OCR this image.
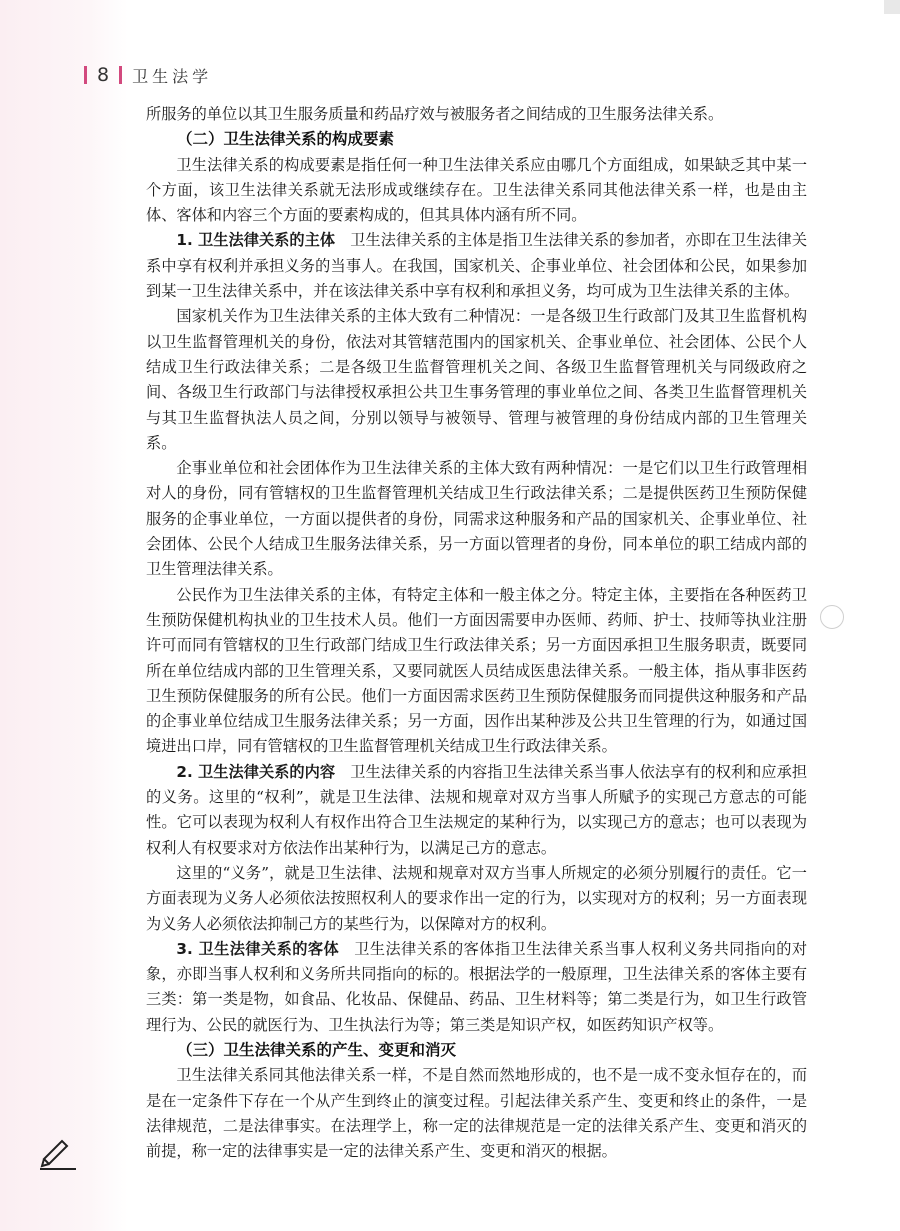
8 卫生法学

所服务的单位以其卫生服务质量和药品疗效与被服务者之间结成的卫生服务法律关系。

（二）卫生法律关系的构成要素

卫生法律关系的构成要素是指任何一种卫生法律关系应由哪几个方面组成，如果缺乏其中某一个方面，该卫生法律关系就无法形成或继续存在。卫生法律关系同其他法律关系一样，也是由主体、客体和内容三个方面的要素构成的，但其具体内涵有所不同。

1. 卫生法律关系的主体 卫生法律关系的主体是指卫生法律关系的参加者，亦即在卫生法律关系中享有权利并承担义务的当事人。在我国，国家机关、企事业单位、社会团体和公民，如果参加到某一卫生法律关系中，并在该法律关系中享有权利和承担义务，均可成为卫生法律关系的主体。

国家机关作为卫生法律关系的主体大致有二种情况：一是各级卫生行政部门及其卫生监督机构以卫生监督管理机关的身份，依法对其管辖范围内的国家机关、企事业单位、社会团体、公民个人结成卫生行政法律关系；二是各级卫生监督管理机关之间、各级卫生监督管理机关与同级政府之间、各级卫生行政部门与法律授权承担公共卫生事务管理的事业单位之间、各类卫生监督管理机关与其卫生监督执法人员之间，分别以领导与被领导、管理与被管理的身份结成内部的卫生管理关系。

企事业单位和社会团体作为卫生法律关系的主体大致有两种情况：一是它们以卫生行政管理相对人的身份，同有管辖权的卫生监督管理机关结成卫生行政法律关系；二是提供医药卫生预防保健服务的企事业单位，一方面以提供者的身份，同需求这种服务和产品的国家机关、企事业单位、社会团体、公民个人结成卫生服务法律关系，另一方面以管理者的身份，同本单位的职工结成内部的卫生管理法律关系。

公民作为卫生法律关系的主体，有特定主体和一般主体之分。特定主体，主要指在各种医药卫生预防保健机构执业的卫生技术人员。他们一方面因需要申办医师、药师、护士、技师等执业注册许可而同有管辖权的卫生行政部门结成卫生行政法律关系；另一方面因承担卫生服务职责，既要同所在单位结成内部的卫生管理关系，又要同就医人员结成医患法律关系。一般主体，指从事非医药卫生预防保健服务的所有公民。他们一方面因需求医药卫生预防保健服务而同提供这种服务和产品的企事业单位结成卫生服务法律关系；另一方面，因作出某种涉及公共卫生管理的行为，如通过国境进出口岸，同有管辖权的卫生监督管理机关结成卫生行政法律关系。

2. 卫生法律关系的内容 卫生法律关系的内容指卫生法律关系当事人依法享有的权利和应承担的义务。这里的“权利”，就是卫生法律、法规和规章对双方当事人所赋予的实现己方意志的可能性。它可以表现为权利人有权作出符合卫生法规定的某种行为，以实现己方的意志；也可以表现为权利人有权要求对方依法作出某种行为，以满足己方的意志。

这里的“义务”，就是卫生法律、法规和规章对双方当事人所规定的必须分别履行的责任。它一方面表现为义务人必须依法按照权利人的要求作出一定的行为，以实现对方的权利；另一方面表现为义务人必须依法抑制己方的某些行为，以保障对方的权利。

3. 卫生法律关系的客体 卫生法律关系的客体指卫生法律关系当事人权利义务共同指向的对象，亦即当事人权利和义务所共同指向的标的。根据法学的一般原理，卫生法律关系的客体主要有三类：第一类是物，如食品、化妆品、保健品、药品、卫生材料等；第二类是行为，如卫生行政管理行为、公民的就医行为、卫生执法行为等；第三类是知识产权，如医药知识产权等。

（三）卫生法律关系的产生、变更和消灭

卫生法律关系同其他法律关系一样，不是自然而然地形成的，也不是一成不变永恒存在的，而是在一定条件下存在一个从产生到终止的演变过程。引起法律关系产生、变更和终止的条件，一是法律规范，二是法律事实。在法理学上，称一定的法律规范是一定的法律关系产生、变更和消灭的前提，称一定的法律事实是一定的法律关系产生、变更和消灭的根据。
